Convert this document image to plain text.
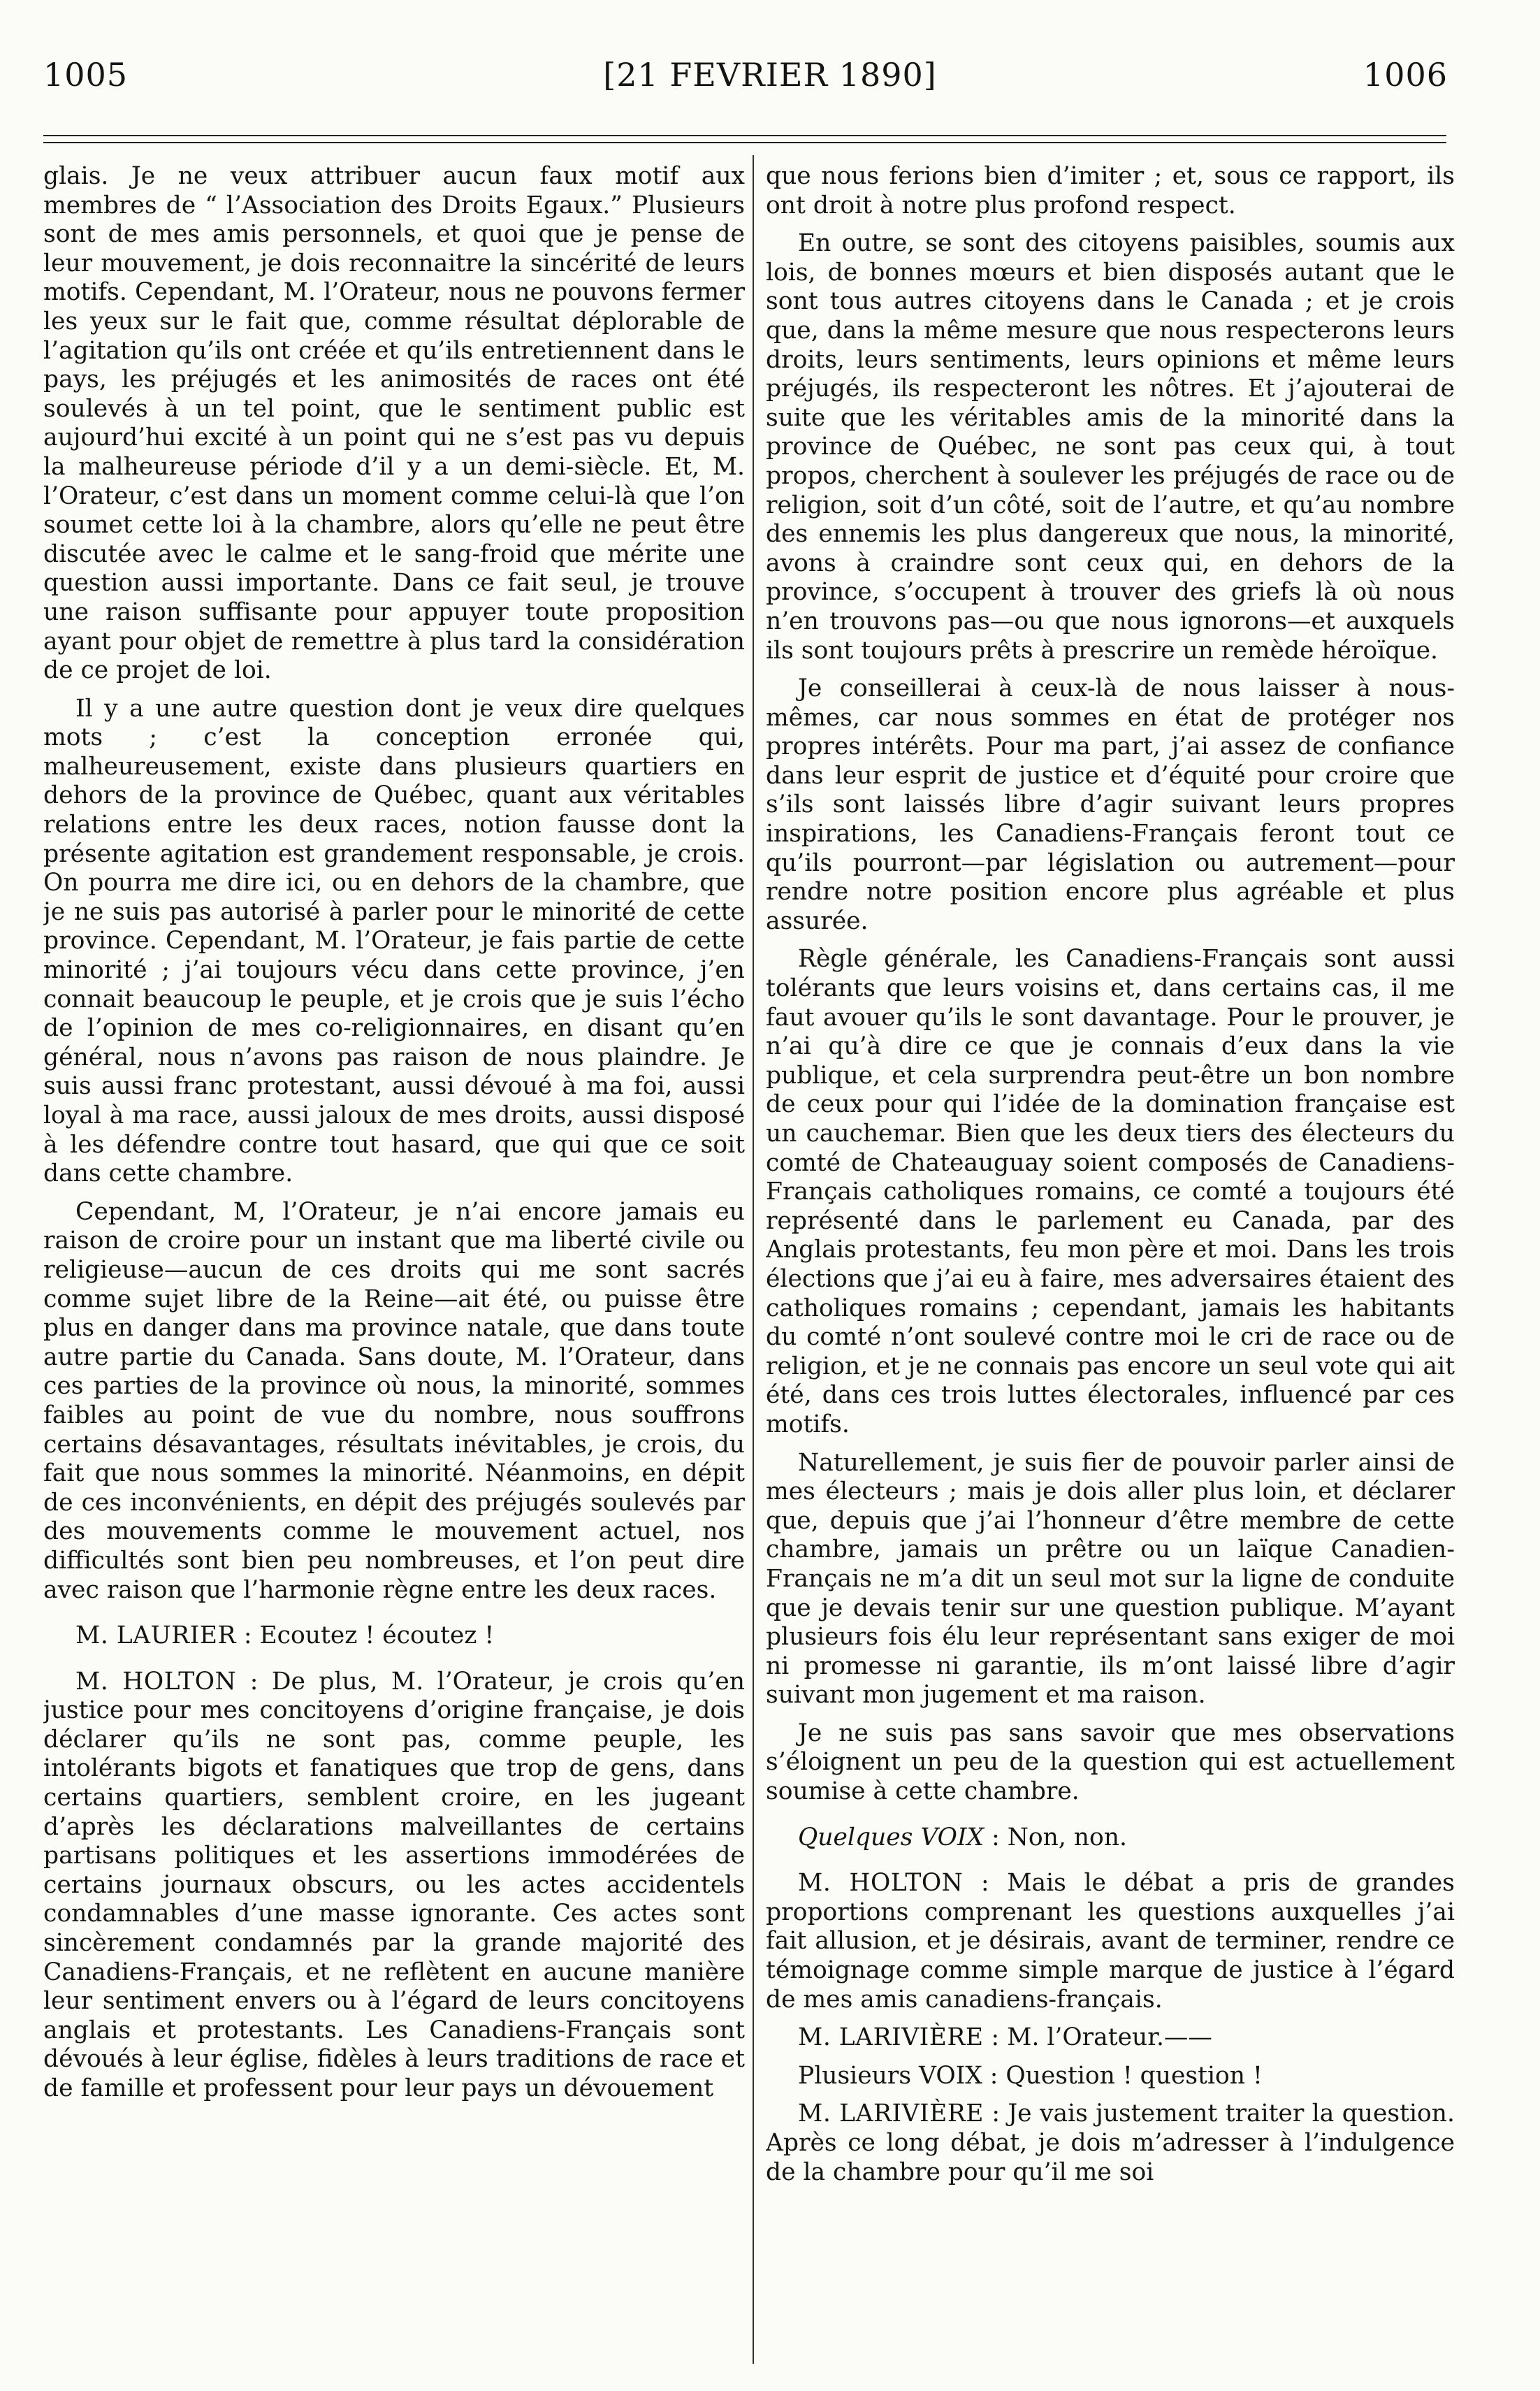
1005	[21 FEVRIER 1890]	1006

glais. Je ne veux attribuer aucun faux motif aux membres de “ l’Association des Droits Egaux.” Plusieurs sont de mes amis personnels, et quoi que je pense de leur mouvement, je dois reconnaitre la sincérité de leurs motifs. Cependant, M. l’Orateur, nous ne pouvons fermer les yeux sur le fait que, comme résultat déplorable de l’agitation qu’ils ont créée et qu’ils entretiennent dans le pays, les préjugés et les animosités de races ont été soulevés à un tel point, que le sentiment public est aujourd’hui excité à un point qui ne s’est pas vu depuis la malheureuse période d’il y a un demi-siècle. Et, M. l’Orateur, c’est dans un moment comme celui-là que l’on soumet cette loi à la chambre, alors qu’elle ne peut être discutée avec le calme et le sang-froid que mérite une question aussi importante. Dans ce fait seul, je trouve une raison suffisante pour appuyer toute proposition ayant pour objet de remettre à plus tard la considération de ce projet de loi.

Il y a une autre question dont je veux dire quelques mots ; c’est la conception erronée qui, malheureusement, existe dans plusieurs quartiers en dehors de la province de Québec, quant aux véritables relations entre les deux races, notion fausse dont la présente agitation est grandement responsable, je crois. On pourra me dire ici, ou en dehors de la chambre, que je ne suis pas autorisé à parler pour le minorité de cette province. Cependant, M. l’Orateur, je fais partie de cette minorité ; j’ai toujours vécu dans cette province, j’en connait beaucoup le peuple, et je crois que je suis l’écho de l’opinion de mes co-religionnaires, en disant qu’en général, nous n’avons pas raison de nous plaindre. Je suis aussi franc protestant, aussi dévoué à ma foi, aussi loyal à ma race, aussi jaloux de mes droits, aussi disposé à les défendre contre tout hasard, que qui que ce soit dans cette chambre.

Cependant, M, l’Orateur, je n’ai encore jamais eu raison de croire pour un instant que ma liberté civile ou religieuse—aucun de ces droits qui me sont sacrés comme sujet libre de la Reine—ait été, ou puisse être plus en danger dans ma province natale, que dans toute autre partie du Canada. Sans doute, M. l’Orateur, dans ces parties de la province où nous, la minorité, sommes faibles au point de vue du nombre, nous souffrons certains désavantages, résultats inévitables, je crois, du fait que nous sommes la minorité. Néanmoins, en dépit de ces inconvénients, en dépit des préjugés soulevés par des mouvements comme le mouvement actuel, nos difficultés sont bien peu nombreuses, et l’on peut dire avec raison que l’harmonie règne entre les deux races.

M. LAURIER : Ecoutez ! écoutez !

M. HOLTON : De plus, M. l’Orateur, je crois qu’en justice pour mes concitoyens d’origine française, je dois déclarer qu’ils ne sont pas, comme peuple, les intolérants bigots et fanatiques que trop de gens, dans certains quartiers, semblent croire, en les jugeant d’après les déclarations malveillantes de certains partisans politiques et les assertions immodérées de certains journaux obscurs, ou les actes accidentels condamnables d’une masse ignorante. Ces actes sont sincèrement condamnés par la grande majorité des Canadiens-Français, et ne reflètent en aucune manière leur sentiment envers ou à l’égard de leurs concitoyens anglais et protestants. Les Canadiens-Français sont dévoués à leur église, fidèles à leurs traditions de race et de famille et professent pour leur pays un dévouement

que nous ferions bien d’imiter ; et, sous ce rapport, ils ont droit à notre plus profond respect.

En outre, se sont des citoyens paisibles, soumis aux lois, de bonnes mœurs et bien disposés autant que le sont tous autres citoyens dans le Canada ; et je crois que, dans la même mesure que nous respecterons leurs droits, leurs sentiments, leurs opinions et même leurs préjugés, ils respecteront les nôtres. Et j’ajouterai de suite que les véritables amis de la minorité dans la province de Québec, ne sont pas ceux qui, à tout propos, cherchent à soulever les préjugés de race ou de religion, soit d’un côté, soit de l’autre, et qu’au nombre des ennemis les plus dangereux que nous, la minorité, avons à craindre sont ceux qui, en dehors de la province, s’occupent à trouver des griefs là où nous n’en trouvons pas—ou que nous ignorons—et auxquels ils sont toujours prêts à prescrire un remède héroïque.

Je conseillerai à ceux-là de nous laisser à nous-mêmes, car nous sommes en état de protéger nos propres intérêts. Pour ma part, j’ai assez de confiance dans leur esprit de justice et d’équité pour croire que s’ils sont laissés libre d’agir suivant leurs propres inspirations, les Canadiens-Français feront tout ce qu’ils pourront—par législation ou autrement—pour rendre notre position encore plus agréable et plus assurée.

Règle générale, les Canadiens-Français sont aussi tolérants que leurs voisins et, dans certains cas, il me faut avouer qu’ils le sont davantage. Pour le prouver, je n’ai qu’à dire ce que je connais d’eux dans la vie publique, et cela surprendra peut-être un bon nombre de ceux pour qui l’idée de la domination française est un cauchemar. Bien que les deux tiers des électeurs du comté de Chateauguay soient composés de Canadiens-Français catholiques romains, ce comté a toujours été représenté dans le parlement eu Canada, par des Anglais protestants, feu mon père et moi. Dans les trois élections que j’ai eu à faire, mes adversaires étaient des catholiques romains ; cependant, jamais les habitants du comté n’ont soulevé contre moi le cri de race ou de religion, et je ne connais pas encore un seul vote qui ait été, dans ces trois luttes électorales, influencé par ces motifs.

Naturellement, je suis fier de pouvoir parler ainsi de mes électeurs ; mais je dois aller plus loin, et déclarer que, depuis que j’ai l’honneur d’être membre de cette chambre, jamais un prêtre ou un laïque Canadien-Français ne m’a dit un seul mot sur la ligne de conduite que je devais tenir sur une question publique. M’ayant plusieurs fois élu leur représentant sans exiger de moi ni promesse ni garantie, ils m’ont laissé libre d’agir suivant mon jugement et ma raison.

Je ne suis pas sans savoir que mes observations s’éloignent un peu de la question qui est actuellement soumise à cette chambre.

Quelques VOIX : Non, non.

M. HOLTON : Mais le débat a pris de grandes proportions comprenant les questions auxquelles j’ai fait allusion, et je désirais, avant de terminer, rendre ce témoignage comme simple marque de justice à l’égard de mes amis canadiens-français.

M. LARIVIÈRE : M. l’Orateur.——

Plusieurs VOIX : Question ! question !

M. LARIVIÈRE : Je vais justement traiter la question. Après ce long débat, je dois m’adresser à l’indulgence de la chambre pour qu’il me soi
